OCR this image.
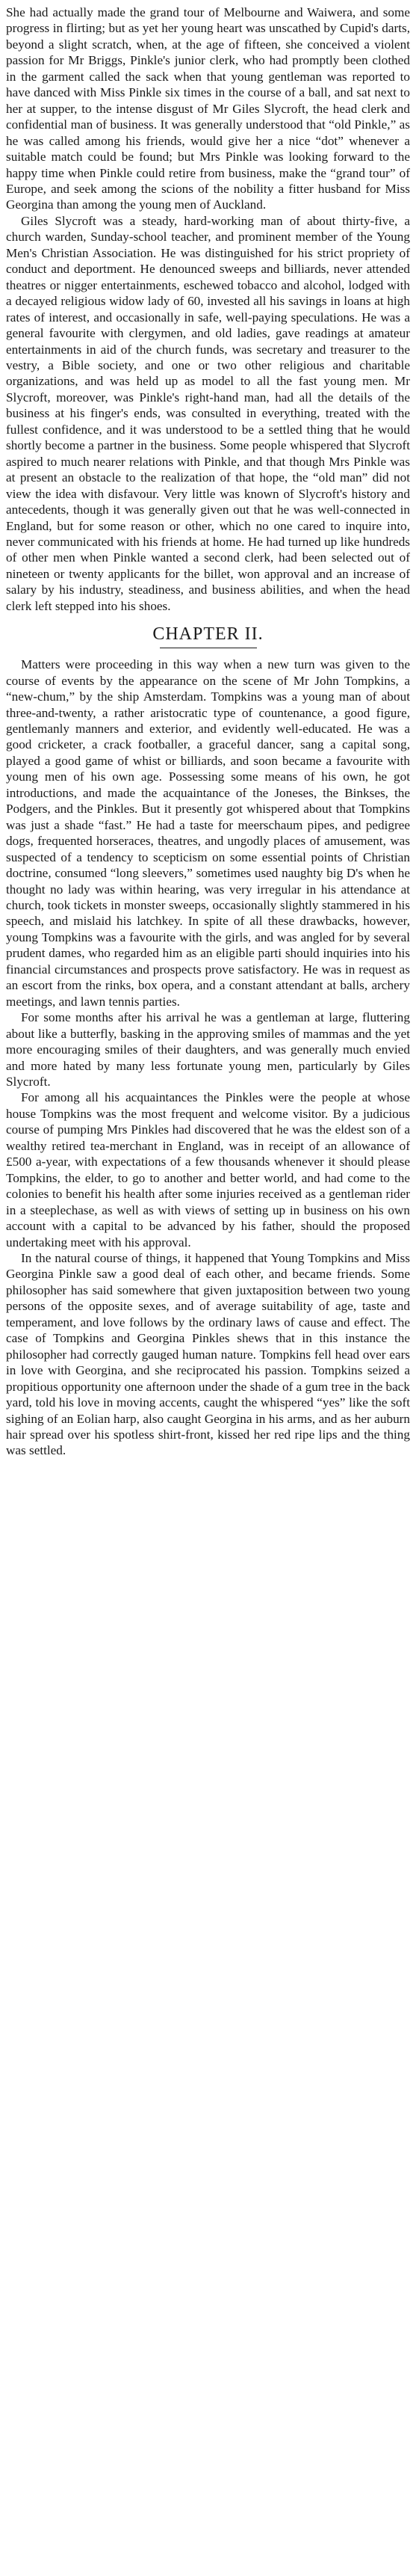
She had actually made the grand tour of Melbourne and Waiwera, and some progress in flirting; but as yet her young heart was unscathed by Cupid's darts, beyond a slight scratch, when, at the age of fifteen, she conceived a violent passion for Mr Briggs, Pinkle's junior clerk, who had promptly been clothed in the garment called the sack when that young gentleman was reported to have danced with Miss Pinkle six times in the course of a ball, and sat next to her at supper, to the intense disgust of Mr Giles Slycroft, the head clerk and confidential man of business. It was generally understood that “old Pinkle,” as he was called among his friends, would give her a nice “dot” whenever a suitable match could be found; but Mrs Pinkle was looking forward to the happy time when Pinkle could retire from business, make the “grand tour” of Europe, and seek among the scions of the nobility a fitter husband for Miss Georgina than among the young men of Auckland.

Giles Slycroft was a steady, hard-working man of about thirty-five, a church warden, Sunday-school teacher, and prominent member of the Young Men's Christian Association. He was distinguished for his strict propriety of conduct and deportment. He denounced sweeps and billiards, never attended theatres or nigger entertainments, eschewed tobacco and alcohol, lodged with a decayed religious widow lady of 60, invested all his savings in loans at high rates of interest, and occasionally in safe, well-paying speculations. He was a general favourite with clergymen, and old ladies, gave readings at amateur entertainments in aid of the church funds, was secretary and treasurer to the vestry, a Bible society, and one or two other religious and charitable organizations, and was held up as model to all the fast young men. Mr Slycroft, moreover, was Pinkle's right-hand man, had all the details of the business at his finger's ends, was consulted in everything, treated with the fullest confidence, and it was understood to be a settled thing that he would shortly become a partner in the business. Some people whispered that Slycroft aspired to much nearer relations with Pinkle, and that though Mrs Pinkle was at present an obstacle to the realization of that hope, the “old man” did not view the idea with disfavour. Very little was known of Slycroft's history and antecedents, though it was generally given out that he was well-connected in England, but for some reason or other, which no one cared to inquire into, never communicated with his friends at home. He had turned up like hundreds of other men when Pinkle wanted a second clerk, had been selected out of nineteen or twenty applicants for the billet, won approval and an increase of salary by his industry, steadiness, and business abilities, and when the head clerk left stepped into his shoes.

CHAPTER II.

Matters were proceeding in this way when a new turn was given to the course of events by the appearance on the scene of Mr John Tompkins, a “new-chum,” by the ship Amsterdam. Tompkins was a young man of about three-and-twenty, a rather aristocratic type of countenance, a good figure, gentlemanly manners and exterior, and evidently well-educated. He was a good cricketer, a crack footballer, a graceful dancer, sang a capital song, played a good game of whist or billiards, and soon became a favourite with young men of his own age. Possessing some means of his own, he got introductions, and made the acquaintance of the Joneses, the Binkses, the Podgers, and the Pinkles. But it presently got whispered about that Tompkins was just a shade “fast.” He had a taste for meerschaum pipes, and pedigree dogs, frequented horseraces, theatres, and ungodly places of amusement, was suspected of a tendency to scepticism on some essential points of Christian doctrine, consumed “long sleevers,” sometimes used naughty big D's when he thought no lady was within hearing, was very irregular in his attendance at church, took tickets in monster sweeps, occasionally slightly stammered in his speech, and mislaid his latchkey. In spite of all these drawbacks, however, young Tompkins was a favourite with the girls, and was angled for by several prudent dames, who regarded him as an eligible parti should inquiries into his financial circumstances and prospects prove satisfactory. He was in request as an escort from the rinks, box opera, and a constant attendant at balls, archery meetings, and lawn tennis parties.

For some months after his arrival he was a gentleman at large, fluttering about like a butterfly, basking in the approving smiles of mammas and the yet more encouraging smiles of their daughters, and was generally much envied and more hated by many less fortunate young men, particularly by Giles Slycroft.

For among all his acquaintances the Pinkles were the people at whose house Tompkins was the most frequent and welcome visitor. By a judicious course of pumping Mrs Pinkles had discovered that he was the eldest son of a wealthy retired tea-merchant in England, was in receipt of an allowance of £500 a-year, with expectations of a few thousands whenever it should please Tompkins, the elder, to go to another and better world, and had come to the colonies to benefit his health after some injuries received as a gentleman rider in a steeplechase, as well as with views of setting up in business on his own account with a capital to be advanced by his father, should the proposed undertaking meet with his approval.

In the natural course of things, it happened that Young Tompkins and Miss Georgina Pinkle saw a good deal of each other, and became friends. Some philosopher has said somewhere that given juxtaposition between two young persons of the opposite sexes, and of average suitability of age, taste and temperament, and love follows by the ordinary laws of cause and effect. The case of Tompkins and Georgina Pinkles shews that in this instance the philosopher had correctly gauged human nature. Tompkins fell head over ears in love with Georgina, and she reciprocated his passion. Tompkins seized a propitious opportunity one afternoon under the shade of a gum tree in the back yard, told his love in moving accents, caught the whispered “yes” like the soft sighing of an Eolian harp, also caught Georgina in his arms, and as her auburn hair spread over his spotless shirt-front, kissed her red ripe lips and the thing was settled.
